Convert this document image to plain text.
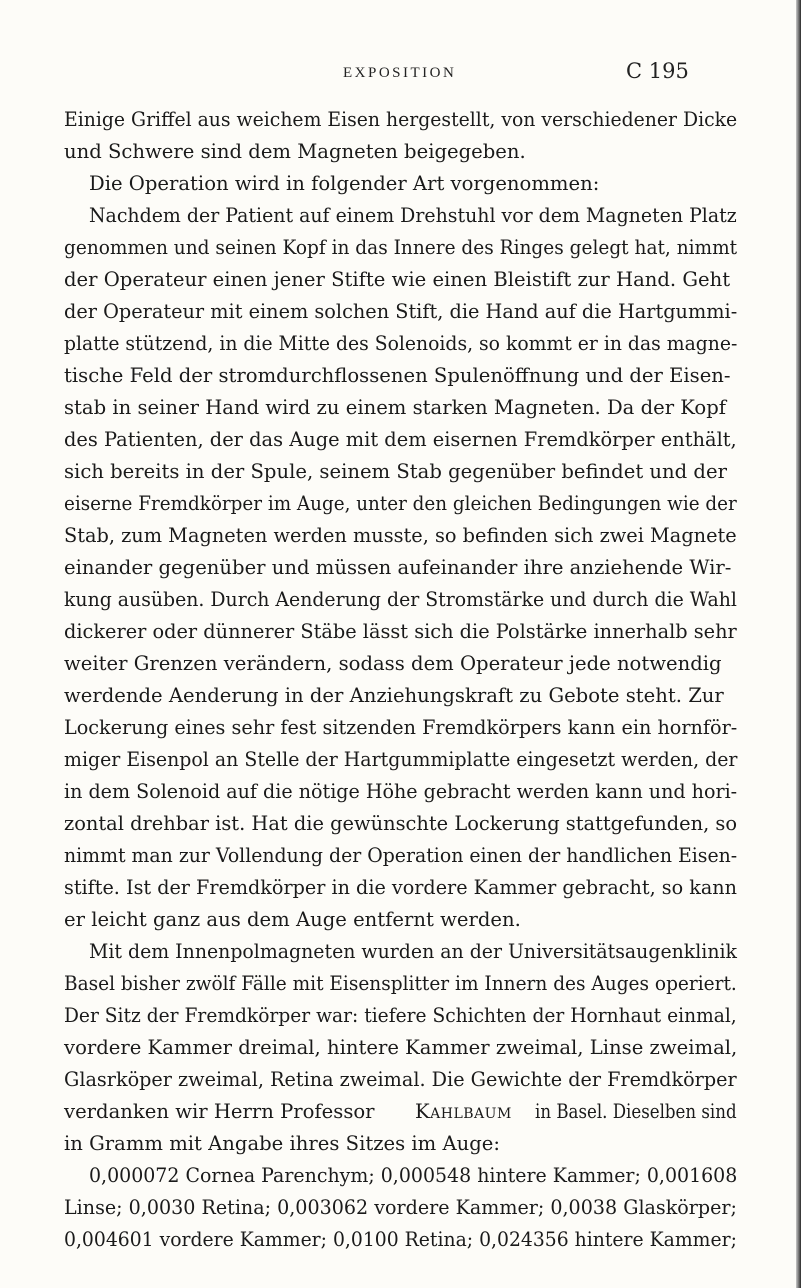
EXPOSITION	C 195
Einige Griffel aus weichem Eisen hergestellt, von verschiedener Dicke
und Schwere sind dem Magneten beigegeben.
Die Operation wird in folgender Art vorgenommen:
Nachdem der Patient auf einem Drehstuhl vor dem Magneten Platz
genommen und seinen Kopf in das Innere des Ringes gelegt hat, nimmt
der Operateur einen jener Stifte wie einen Bleistift zur Hand. Geht
der Operateur mit einem solchen Stift, die Hand auf die Hartgummi-
platte stützend, in die Mitte des Solenoids, so kommt er in das magne-
tische Feld der stromdurchflossenen Spulenöffnung und der Eisen-
stab in seiner Hand wird zu einem starken Magneten. Da der Kopf
des Patienten, der das Auge mit dem eisernen Fremdkörper enthält,
sich bereits in der Spule, seinem Stab gegenüber befindet und der
eiserne Fremdkörper im Auge, unter den gleichen Bedingungen wie der
Stab, zum Magneten werden musste, so befinden sich zwei Magnete
einander gegenüber und müssen aufeinander ihre anziehende Wir-
kung ausüben. Durch Aenderung der Stromstärke und durch die Wahl
dickerer oder dünnerer Stäbe lässt sich die Polstärke innerhalb sehr
weiter Grenzen verändern, sodass dem Operateur jede notwendig
werdende Aenderung in der Anziehungskraft zu Gebote steht. Zur
Lockerung eines sehr fest sitzenden Fremdkörpers kann ein hornför-
miger Eisenpol an Stelle der Hartgummiplatte eingesetzt werden, der
in dem Solenoid auf die nötige Höhe gebracht werden kann und hori-
zontal drehbar ist. Hat die gewünschte Lockerung stattgefunden, so
nimmt man zur Vollendung der Operation einen der handlichen Eisen-
stifte. Ist der Fremdkörper in die vordere Kammer gebracht, so kann
er leicht ganz aus dem Auge entfernt werden.
Mit dem Innenpolmagneten wurden an der Universitätsaugenklinik
Basel bisher zwölf Fälle mit Eisensplitter im Innern des Auges operiert.
Der Sitz der Fremdkörper war: tiefere Schichten der Hornhaut einmal,
vordere Kammer dreimal, hintere Kammer zweimal, Linse zweimal,
Glasrköper zweimal, Retina zweimal. Die Gewichte der Fremdkörper
verdanken wir Herrn Professor Kahlbaum in Basel. Dieselben sind
in Gramm mit Angabe ihres Sitzes im Auge:
0,000072 Cornea Parenchym; 0,000548 hintere Kammer; 0,001608
Linse; 0,0030 Retina; 0,003062 vordere Kammer; 0,0038 Glaskörper;
0,004601 vordere Kammer; 0,0100 Retina; 0,024356 hintere Kammer;
